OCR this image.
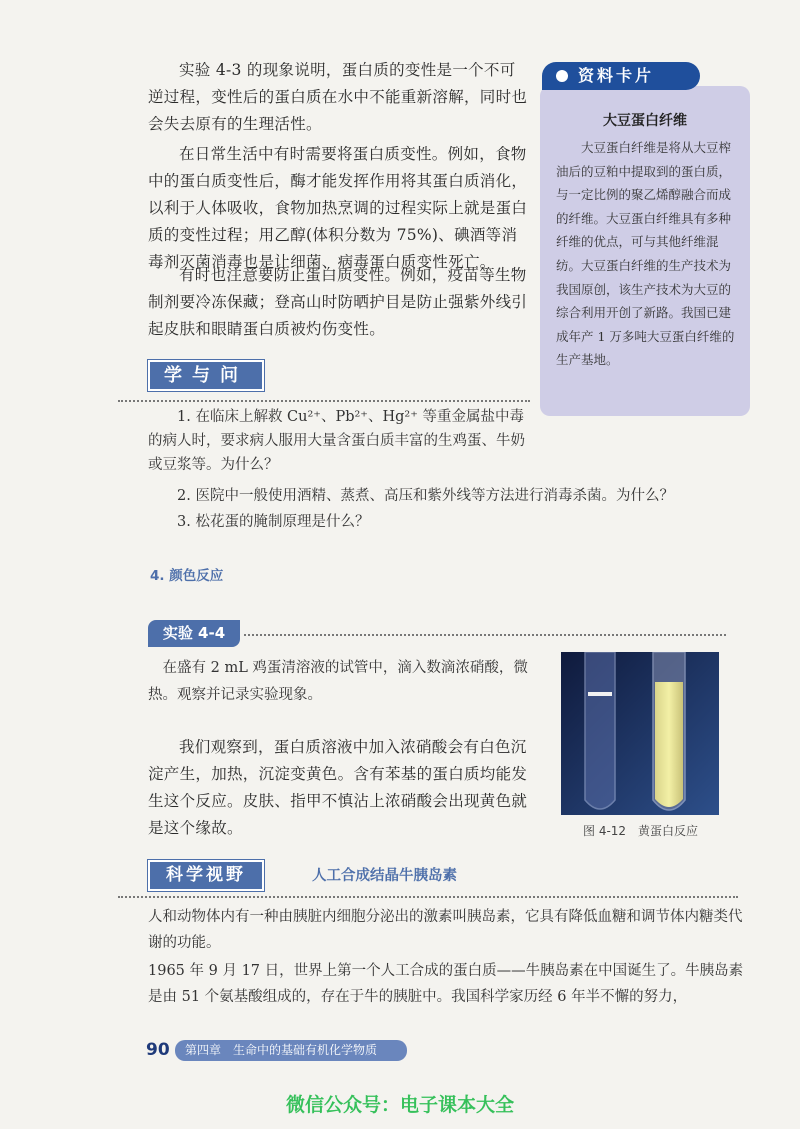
实验 4-3 的现象说明，蛋白质的变性是一个不可逆过程，变性后的蛋白质在水中不能重新溶解，同时也会失去原有的生理活性。

在日常生活中有时需要将蛋白质变性。例如，食物中的蛋白质变性后，酶才能发挥作用将其蛋白质消化，以利于人体吸收，食物加热烹调的过程实际上就是蛋白质的变性过程；用乙醇(体积分数为 75%)、碘酒等消毒剂灭菌消毒也是让细菌、病毒蛋白质变性死亡。

有时也注意要防止蛋白质变性。例如，疫苗等生物制剂要冷冻保藏；登高山时防晒护目是防止强紫外线引起皮肤和眼睛蛋白质被灼伤变性。

资料卡片
大豆蛋白纤维

大豆蛋白纤维是将从大豆榨油后的豆粕中提取到的蛋白质，与一定比例的聚乙烯醇融合而成的纤维。大豆蛋白纤维具有多种纤维的优点，可与其他纤维混纺。大豆蛋白纤维的生产技术为我国原创，该生产技术为大豆的综合利用开创了新路。我国已建成年产 1 万多吨大豆蛋白纤维的生产基地。

学与问

1. 在临床上解救 Cu²⁺、Pb²⁺、Hg²⁺ 等重金属盐中毒的病人时，要求病人服用大量含蛋白质丰富的生鸡蛋、牛奶或豆浆等。为什么？

2. 医院中一般使用酒精、蒸煮、高压和紫外线等方法进行消毒杀菌。为什么？

3. 松花蛋的腌制原理是什么？

4. 颜色反应
实验 4-4

在盛有 2 mL 鸡蛋清溶液的试管中，滴入数滴浓硝酸，微热。观察并记录实验现象。

我们观察到，蛋白质溶液中加入浓硝酸会有白色沉淀产生，加热，沉淀变黄色。含有苯基的蛋白质均能发生这个反应。皮肤、指甲不慎沾上浓硝酸会出现黄色就是这个缘故。	图 4-12　黄蛋白反应
科学视野	人工合成结晶牛胰岛素

人和动物体内有一种由胰脏内细胞分泌出的激素叫胰岛素，它具有降低血糖和调节体内糖类代谢的功能。

1965 年 9 月 17 日，世界上第一个人工合成的蛋白质——牛胰岛素在中国诞生了。牛胰岛素是由 51 个氨基酸组成的，存在于牛的胰脏中。我国科学家历经 6 年半不懈的努力，

90	第四章　生命中的基础有机化学物质
微信公众号：电子课本大全
